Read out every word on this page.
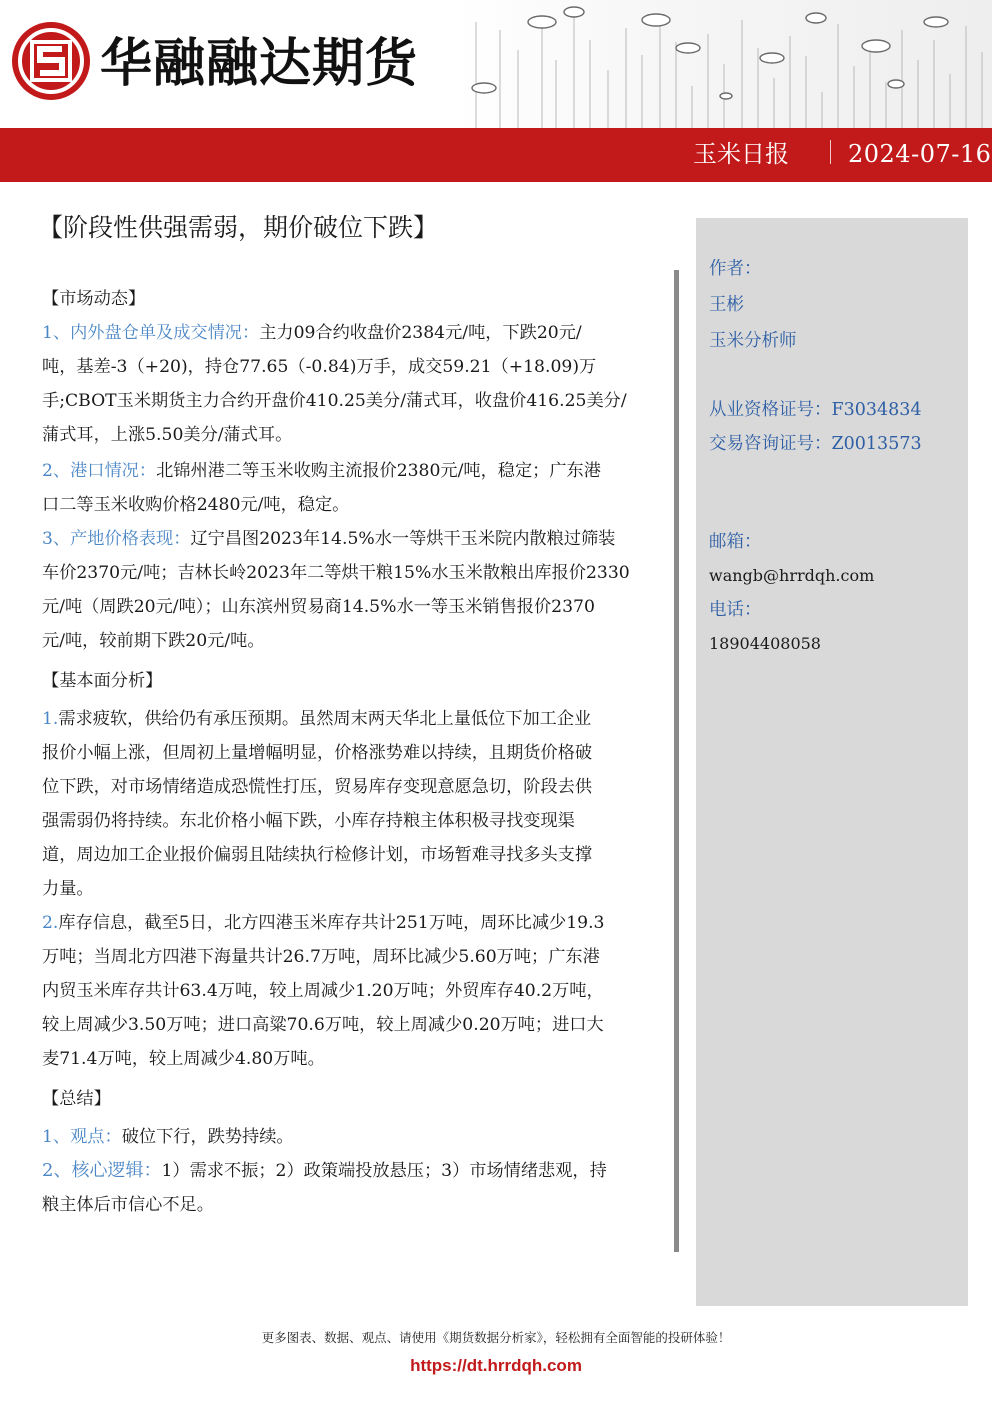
华融融达期货
玉米日报 2024-07-16
【阶段性供强需弱，期价破位下跌】
【市场动态】

1、内外盘仓单及成交情况：主力09合约收盘价2384元/吨，下跌20元/

吨，基差-3（+20)，持仓77.65（-0.84)万手，成交59.21（+18.09)万

手;CBOT玉米期货主力合约开盘价410.25美分/蒲式耳，收盘价416.25美分/

蒲式耳，上涨5.50美分/蒲式耳。

2、港口情况：北锦州港二等玉米收购主流报价2380元/吨，稳定；广东港

口二等玉米收购价格2480元/吨，稳定。

3、产地价格表现：辽宁昌图2023年14.5%水一等烘干玉米院内散粮过筛装

车价2370元/吨；吉林长岭2023年二等烘干粮15%水玉米散粮出库报价2330

元/吨（周跌20元/吨）；山东滨州贸易商14.5%水一等玉米销售报价2370

元/吨，较前期下跌20元/吨。

【基本面分析】

1.需求疲软，供给仍有承压预期。虽然周末两天华北上量低位下加工企业

报价小幅上涨，但周初上量增幅明显，价格涨势难以持续，且期货价格破

位下跌，对市场情绪造成恐慌性打压，贸易库存变现意愿急切，阶段去供

强需弱仍将持续。东北价格小幅下跌，小库存持粮主体积极寻找变现渠

道，周边加工企业报价偏弱且陆续执行检修计划，市场暂难寻找多头支撑

力量。

2.库存信息，截至5日，北方四港玉米库存共计251万吨，周环比减少19.3

万吨；当周北方四港下海量共计26.7万吨，周环比减少5.60万吨；广东港

内贸玉米库存共计63.4万吨，较上周减少1.20万吨；外贸库存40.2万吨，

较上周减少3.50万吨；进口高粱70.6万吨，较上周减少0.20万吨；进口大

麦71.4万吨，较上周减少4.80万吨。

【总结】

1、观点：破位下行，跌势持续。

2、核心逻辑：1）需求不振；2）政策端投放悬压；3）市场情绪悲观，持

粮主体后市信心不足。

作者：
王彬
玉米分析师
从业资格证号：F3034834
交易咨询证号：Z0013573
邮箱：
wangb@hrrdqh.com
电话：
18904408058
更多图表、数据、观点、请使用《期货数据分析家》，轻松拥有全面智能的投研体验！
https://dt.hrrdqh.com
